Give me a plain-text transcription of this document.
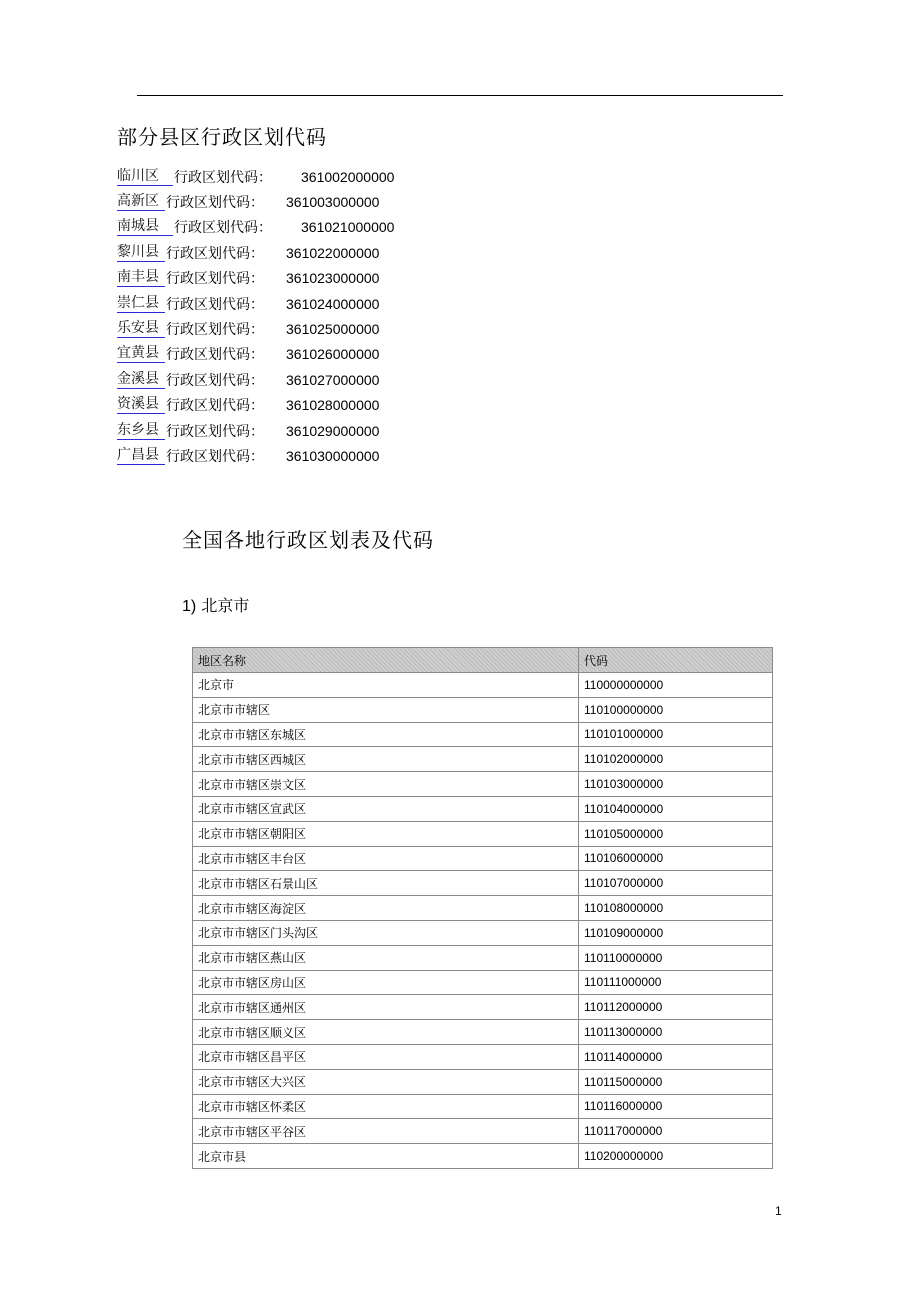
部分县区行政区划代码
临川区	行政区划代码： 361002000000
高新区 行政区划代码： 361003000000
南城县	行政区划代码： 361021000000
黎川县 行政区划代码： 361022000000
南丰县 行政区划代码： 361023000000
崇仁县 行政区划代码： 361024000000
乐安县 行政区划代码： 361025000000
宜黄县 行政区划代码： 361026000000
金溪县 行政区划代码： 361027000000
资溪县 行政区划代码： 361028000000
东乡县 行政区划代码： 361029000000
广昌县 行政区划代码： 361030000000
全国各地行政区划表及代码
1) 北京市
地区名称	代码
北京市	110000000000
北京市市辖区	110100000000
北京市市辖区东城区	110101000000
北京市市辖区西城区	110102000000
北京市市辖区崇文区	110103000000
北京市市辖区宣武区	110104000000
北京市市辖区朝阳区	110105000000
北京市市辖区丰台区	110106000000
北京市市辖区石景山区	110107000000
北京市市辖区海淀区	110108000000
北京市市辖区门头沟区	110109000000
北京市市辖区燕山区	110110000000
北京市市辖区房山区	110111000000
北京市市辖区通州区	110112000000
北京市市辖区顺义区	110113000000
北京市市辖区昌平区	110114000000
北京市市辖区大兴区	110115000000
北京市市辖区怀柔区	110116000000
北京市市辖区平谷区	110117000000
北京市县	110200000000
1
